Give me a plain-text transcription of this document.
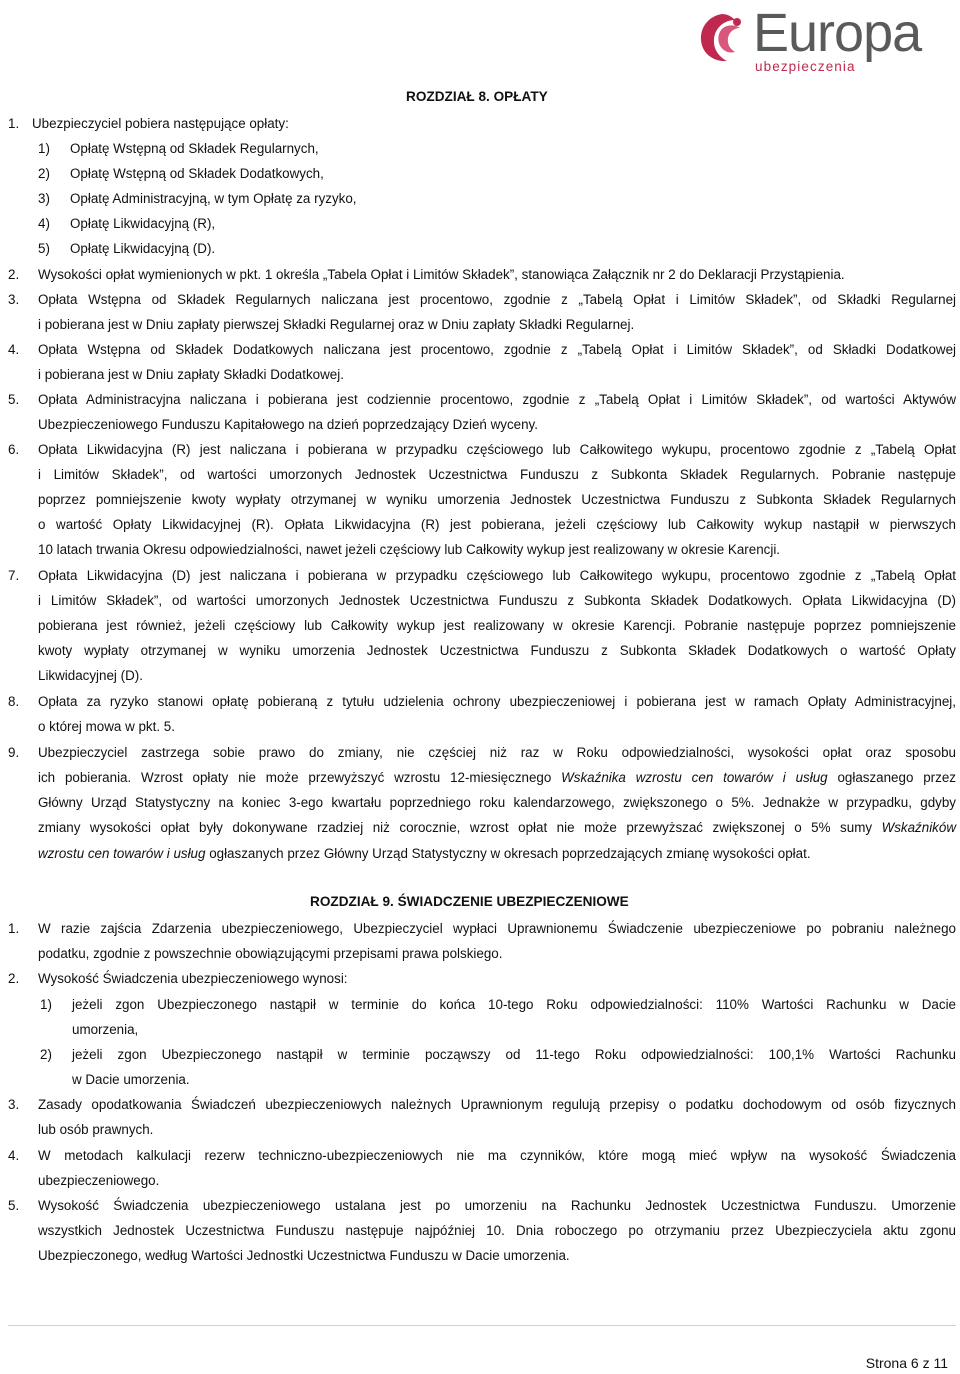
Europa
ubezpieczenia
ROZDZIAŁ 8. OPŁATY
1. Ubezpieczyciel pobiera następujące opłaty:
1) Opłatę Wstępną od Składek Regularnych,
2) Opłatę Wstępną od Składek Dodatkowych,
3) Opłatę Administracyjną, w tym Opłatę za ryzyko,
4) Opłatę Likwidacyjną (R),
5) Opłatę Likwidacyjną (D).
2. Wysokości opłat wymienionych w pkt. 1 określa „Tabela Opłat i Limitów Składek”, stanowiąca Załącznik nr 2 do Deklaracji Przystąpienia.
3. Opłata Wstępna od Składek Regularnych naliczana jest procentowo, zgodnie z „Tabelą Opłat i Limitów Składek”, od Składki Regularnej
i pobierana jest w Dniu zapłaty pierwszej Składki Regularnej oraz w Dniu zapłaty Składki Regularnej.
4. Opłata Wstępna od Składek Dodatkowych naliczana jest procentowo, zgodnie z „Tabelą Opłat i Limitów Składek”, od Składki Dodatkowej
i pobierana jest w Dniu zapłaty Składki Dodatkowej.
5. Opłata Administracyjna naliczana i pobierana jest codziennie procentowo, zgodnie z „Tabelą Opłat i Limitów Składek”, od wartości Aktywów
Ubezpieczeniowego Funduszu Kapitałowego na dzień poprzedzający Dzień wyceny.
6. Opłata Likwidacyjna (R) jest naliczana i pobierana w przypadku częściowego lub Całkowitego wykupu, procentowo zgodnie z „Tabelą Opłat
i Limitów Składek”, od wartości umorzonych Jednostek Uczestnictwa Funduszu z Subkonta Składek Regularnych. Pobranie następuje
poprzez pomniejszenie kwoty wypłaty otrzymanej w wyniku umorzenia Jednostek Uczestnictwa Funduszu z Subkonta Składek Regularnych
o wartość Opłaty Likwidacyjnej (R). Opłata Likwidacyjna (R) jest pobierana, jeżeli częściowy lub Całkowity wykup nastąpił w pierwszych
10 latach trwania Okresu odpowiedzialności, nawet jeżeli częściowy lub Całkowity wykup jest realizowany w okresie Karencji.
7. Opłata Likwidacyjna (D) jest naliczana i pobierana w przypadku częściowego lub Całkowitego wykupu, procentowo zgodnie z „Tabelą Opłat
i Limitów Składek”, od wartości umorzonych Jednostek Uczestnictwa Funduszu z Subkonta Składek Dodatkowych. Opłata Likwidacyjna (D)
pobierana jest również, jeżeli częściowy lub Całkowity wykup jest realizowany w okresie Karencji. Pobranie następuje poprzez pomniejszenie
kwoty wypłaty otrzymanej w wyniku umorzenia Jednostek Uczestnictwa Funduszu z Subkonta Składek Dodatkowych o wartość Opłaty
Likwidacyjnej (D).
8. Opłata za ryzyko stanowi opłatę pobieraną z tytułu udzielenia ochrony ubezpieczeniowej i pobierana jest w ramach Opłaty Administracyjnej,
o której mowa w pkt. 5.
9. Ubezpieczyciel zastrzega sobie prawo do zmiany, nie częściej niż raz w Roku odpowiedzialności, wysokości opłat oraz sposobu
ich pobierania. Wzrost opłaty nie może przewyższyć wzrostu 12-miesięcznego Wskaźnika wzrostu cen towarów i usług ogłaszanego przez
Główny Urząd Statystyczny na koniec 3-ego kwartału poprzedniego roku kalendarzowego, zwiększonego o 5%. Jednakże w przypadku, gdyby
zmiany wysokości opłat były dokonywane rzadziej niż corocznie, wzrost opłat nie może przewyższać zwiększonej o 5% sumy Wskaźników
wzrostu cen towarów i usług ogłaszanych przez Główny Urząd Statystyczny w okresach poprzedzających zmianę wysokości opłat.
ROZDZIAŁ 9. ŚWIADCZENIE UBEZPIECZENIOWE
1. W razie zajścia Zdarzenia ubezpieczeniowego, Ubezpieczyciel wypłaci Uprawnionemu Świadczenie ubezpieczeniowe po pobraniu należnego
podatku, zgodnie z powszechnie obowiązującymi przepisami prawa polskiego.
2. Wysokość Świadczenia ubezpieczeniowego wynosi:
1) jeżeli zgon Ubezpieczonego nastąpił w terminie do końca 10-tego Roku odpowiedzialności: 110% Wartości Rachunku w Dacie
umorzenia,
2) jeżeli zgon Ubezpieczonego nastąpił w terminie począwszy od 11-tego Roku odpowiedzialności: 100,1% Wartości Rachunku
w Dacie umorzenia.
3. Zasady opodatkowania Świadczeń ubezpieczeniowych należnych Uprawnionym regulują przepisy o podatku dochodowym od osób fizycznych
lub osób prawnych.
4. W metodach kalkulacji rezerw techniczno-ubezpieczeniowych nie ma czynników, które mogą mieć wpływ na wysokość Świadczenia
ubezpieczeniowego.
5. Wysokość Świadczenia ubezpieczeniowego ustalana jest po umorzeniu na Rachunku Jednostek Uczestnictwa Funduszu. Umorzenie
wszystkich Jednostek Uczestnictwa Funduszu następuje najpóźniej 10. Dnia roboczego po otrzymaniu przez Ubezpieczyciela aktu zgonu
Ubezpieczonego, według Wartości Jednostki Uczestnictwa Funduszu w Dacie umorzenia.
Strona 6 z 11
